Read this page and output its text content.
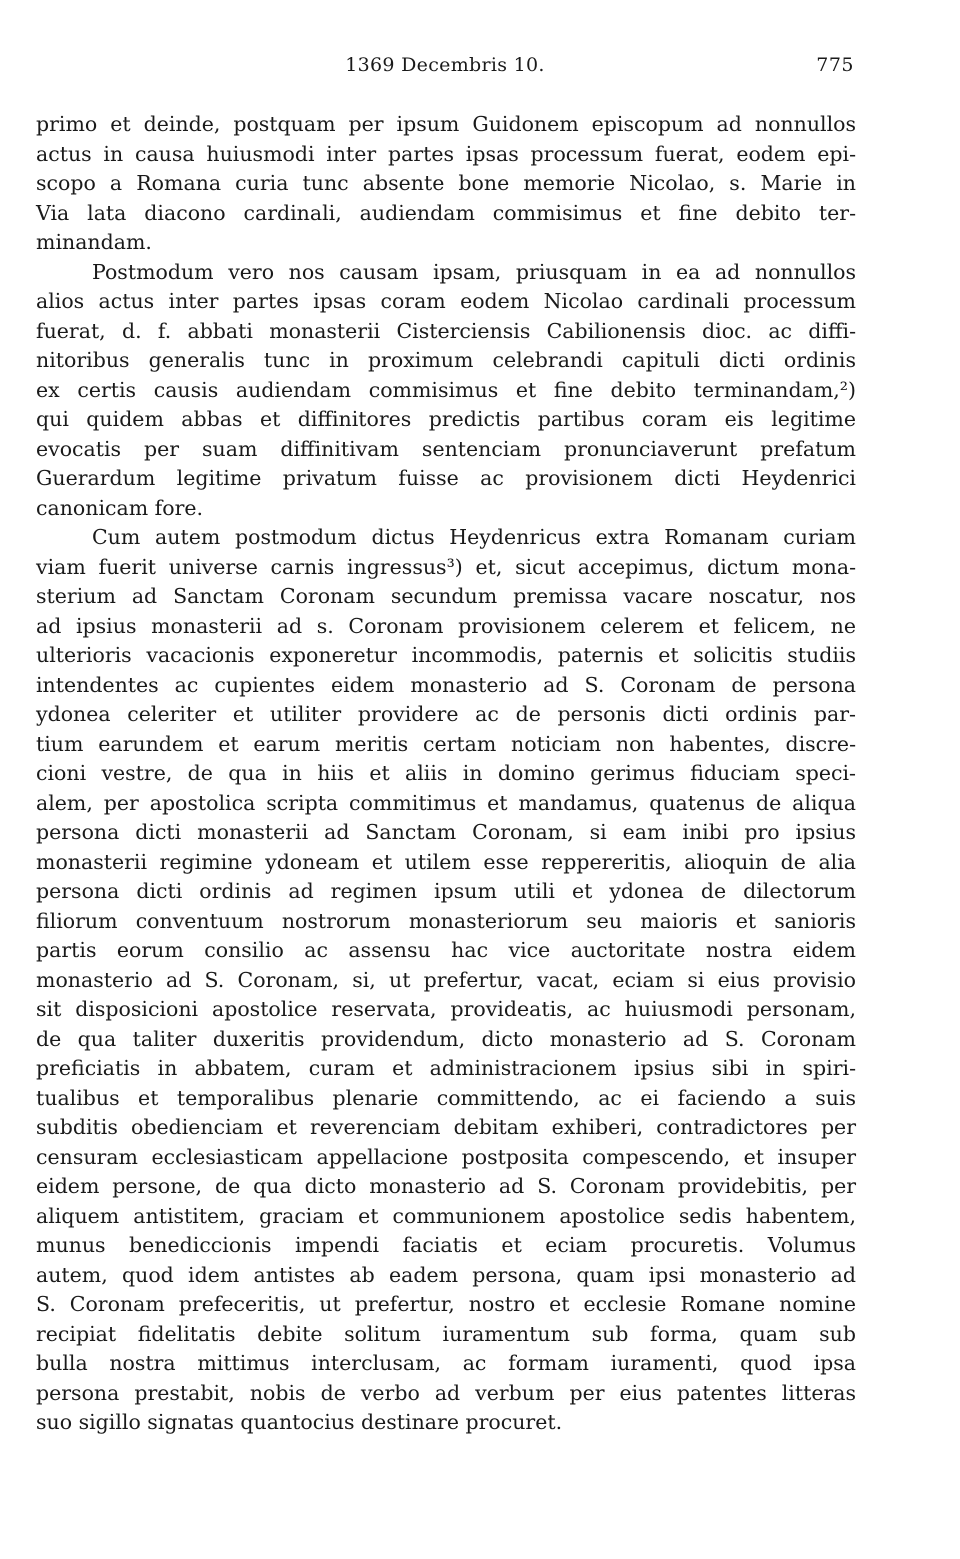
1369 Decembris 10.	775
primo et deinde, postquam per ipsum Guidonem episcopum ad nonnullos
actus in causa huiusmodi inter partes ipsas processum fuerat, eodem epi-
scopo a Romana curia tunc absente bone memorie Nicolao, s. Marie in
Via lata diacono cardinali, audiendam commisimus et fine debito ter-
minandam.
Postmodum vero nos causam ipsam, priusquam in ea ad nonnullos
alios actus inter partes ipsas coram eodem Nicolao cardinali processum
fuerat, d. f. abbati monasterii Cisterciensis Cabilionensis dioc. ac diffi-
nitoribus generalis tunc in proximum celebrandi capituli dicti ordinis
ex certis causis audiendam commisimus et fine debito terminandam,²)
qui quidem abbas et diffinitores predictis partibus coram eis legitime
evocatis per suam diffinitivam sentenciam pronunciaverunt prefatum
Guerardum legitime privatum fuisse ac provisionem dicti Heydenrici
canonicam fore.
Cum autem postmodum dictus Heydenricus extra Romanam curiam
viam fuerit universe carnis ingressus³) et, sicut accepimus, dictum mona-
sterium ad Sanctam Coronam secundum premissa vacare noscatur, nos
ad ipsius monasterii ad s. Coronam provisionem celerem et felicem, ne
ulterioris vacacionis exponeretur incommodis, paternis et solicitis studiis
intendentes ac cupientes eidem monasterio ad S. Coronam de persona
ydonea celeriter et utiliter providere ac de personis dicti ordinis par-
tium earundem et earum meritis certam noticiam non habentes, discre-
cioni vestre, de qua in hiis et aliis in domino gerimus fiduciam speci-
alem, per apostolica scripta commitimus et mandamus, quatenus de aliqua
persona dicti monasterii ad Sanctam Coronam, si eam inibi pro ipsius
monasterii regimine ydoneam et utilem esse reppereritis, alioquin de alia
persona dicti ordinis ad regimen ipsum utili et ydonea de dilectorum
filiorum conventuum nostrorum monasteriorum seu maioris et sanioris
partis eorum consilio ac assensu hac vice auctoritate nostra eidem
monasterio ad S. Coronam, si, ut prefertur, vacat, eciam si eius provisio
sit disposicioni apostolice reservata, provideatis, ac huiusmodi personam,
de qua taliter duxeritis providendum, dicto monasterio ad S. Coronam
preficiatis in abbatem, curam et administracionem ipsius sibi in spiri-
tualibus et temporalibus plenarie committendo, ac ei faciendo a suis
subditis obedienciam et reverenciam debitam exhiberi, contradictores per
censuram ecclesiasticam appellacione postposita compescendo, et insuper
eidem persone, de qua dicto monasterio ad S. Coronam providebitis, per
aliquem antistitem, graciam et communionem apostolice sedis habentem,
munus benediccionis impendi faciatis et eciam procuretis. Volumus
autem, quod idem antistes ab eadem persona, quam ipsi monasterio ad
S. Coronam prefeceritis, ut prefertur, nostro et ecclesie Romane nomine
recipiat fidelitatis debite solitum iuramentum sub forma, quam sub
bulla nostra mittimus interclusam, ac formam iuramenti, quod ipsa
persona prestabit, nobis de verbo ad verbum per eius patentes litteras
suo sigillo signatas quantocius destinare procuret.
